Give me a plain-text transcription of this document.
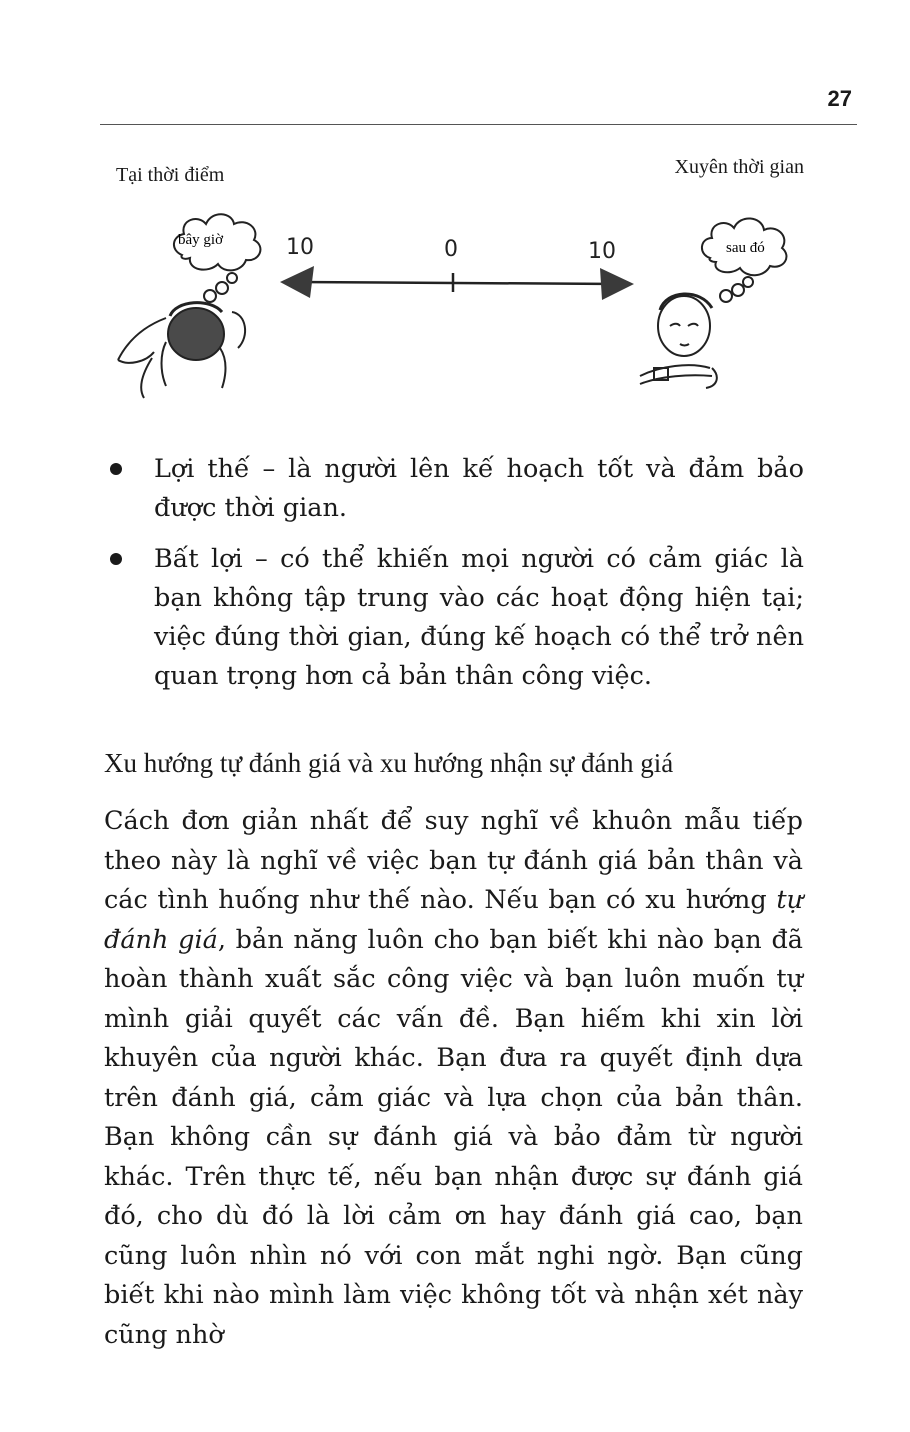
27
Tại thời điểm	Xuyên thời gian
bây giờ	10	0	10	sau đó
Lợi thế – là người lên kế hoạch tốt và đảm bảo được thời gian.
Bất lợi – có thể khiến mọi người có cảm giác là bạn không tập trung vào các hoạt động hiện tại; việc đúng thời gian, đúng kế hoạch có thể trở nên quan trọng hơn cả bản thân công việc.
Xu hướng tự đánh giá và xu hướng nhận sự đánh giá

Cách đơn giản nhất để suy nghĩ về khuôn mẫu tiếp theo này là nghĩ về việc bạn tự đánh giá bản thân và các tình huống như thế nào. Nếu bạn có xu hướng tự đánh giá, bản năng luôn cho bạn biết khi nào bạn đã hoàn thành xuất sắc công việc và bạn luôn muốn tự mình giải quyết các vấn đề. Bạn hiếm khi xin lời khuyên của người khác. Bạn đưa ra quyết định dựa trên đánh giá, cảm giác và lựa chọn của bản thân. Bạn không cần sự đánh giá và bảo đảm từ người khác. Trên thực tế, nếu bạn nhận được sự đánh giá đó, cho dù đó là lời cảm ơn hay đánh giá cao, bạn cũng luôn nhìn nó với con mắt nghi ngờ. Bạn cũng biết khi nào mình làm việc không tốt và nhận xét này cũng nhờ
